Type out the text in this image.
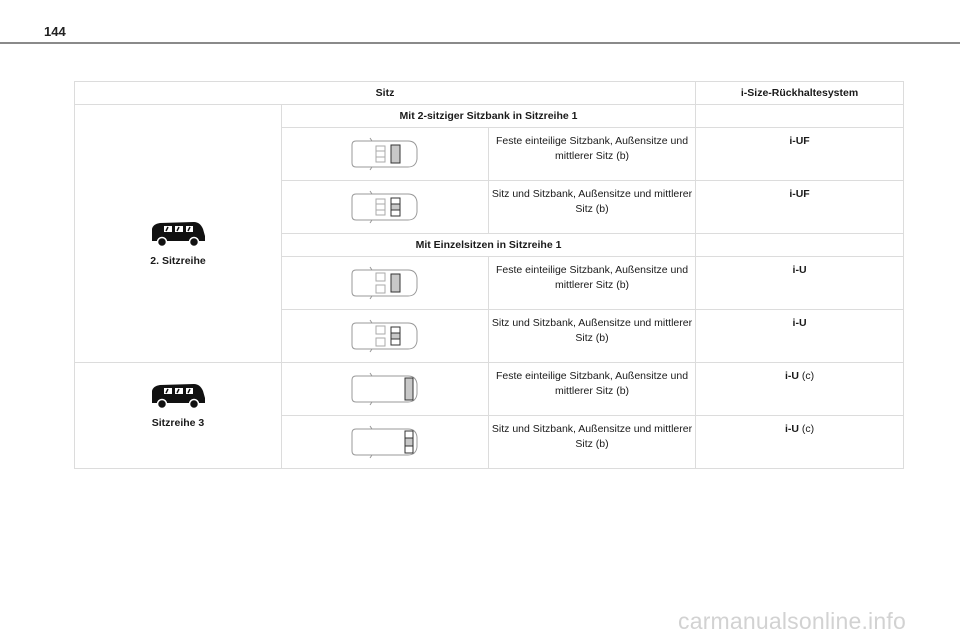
144
Sitz			i-Size-Rückhaltesystem

2. Sitzreihe	Mit 2-sitziger Sitzbank in Sitzreihe 1		

	Feste einteilige Sitzbank, Außensitze und mittlerer Sitz (b)	i-UF

	Sitz und Sitzbank, Außensitze und mittlerer Sitz (b)	i-UF
	Mit Einzelsitzen in Sitzreihe 1		

	Feste einteilige Sitzbank, Außensitze und mittlerer Sitz (b)	i-U

	Sitz und Sitzbank, Außensitze und mittlerer Sitz (b)	i-U

Sitzreihe 3		Feste einteilige Sitzbank, Außensitze und mittlerer Sitz (b)	i-U (c)

	Sitz und Sitzbank, Außensitze und mittlerer Sitz (b)	i-U (c)
carmanualsonline.info
